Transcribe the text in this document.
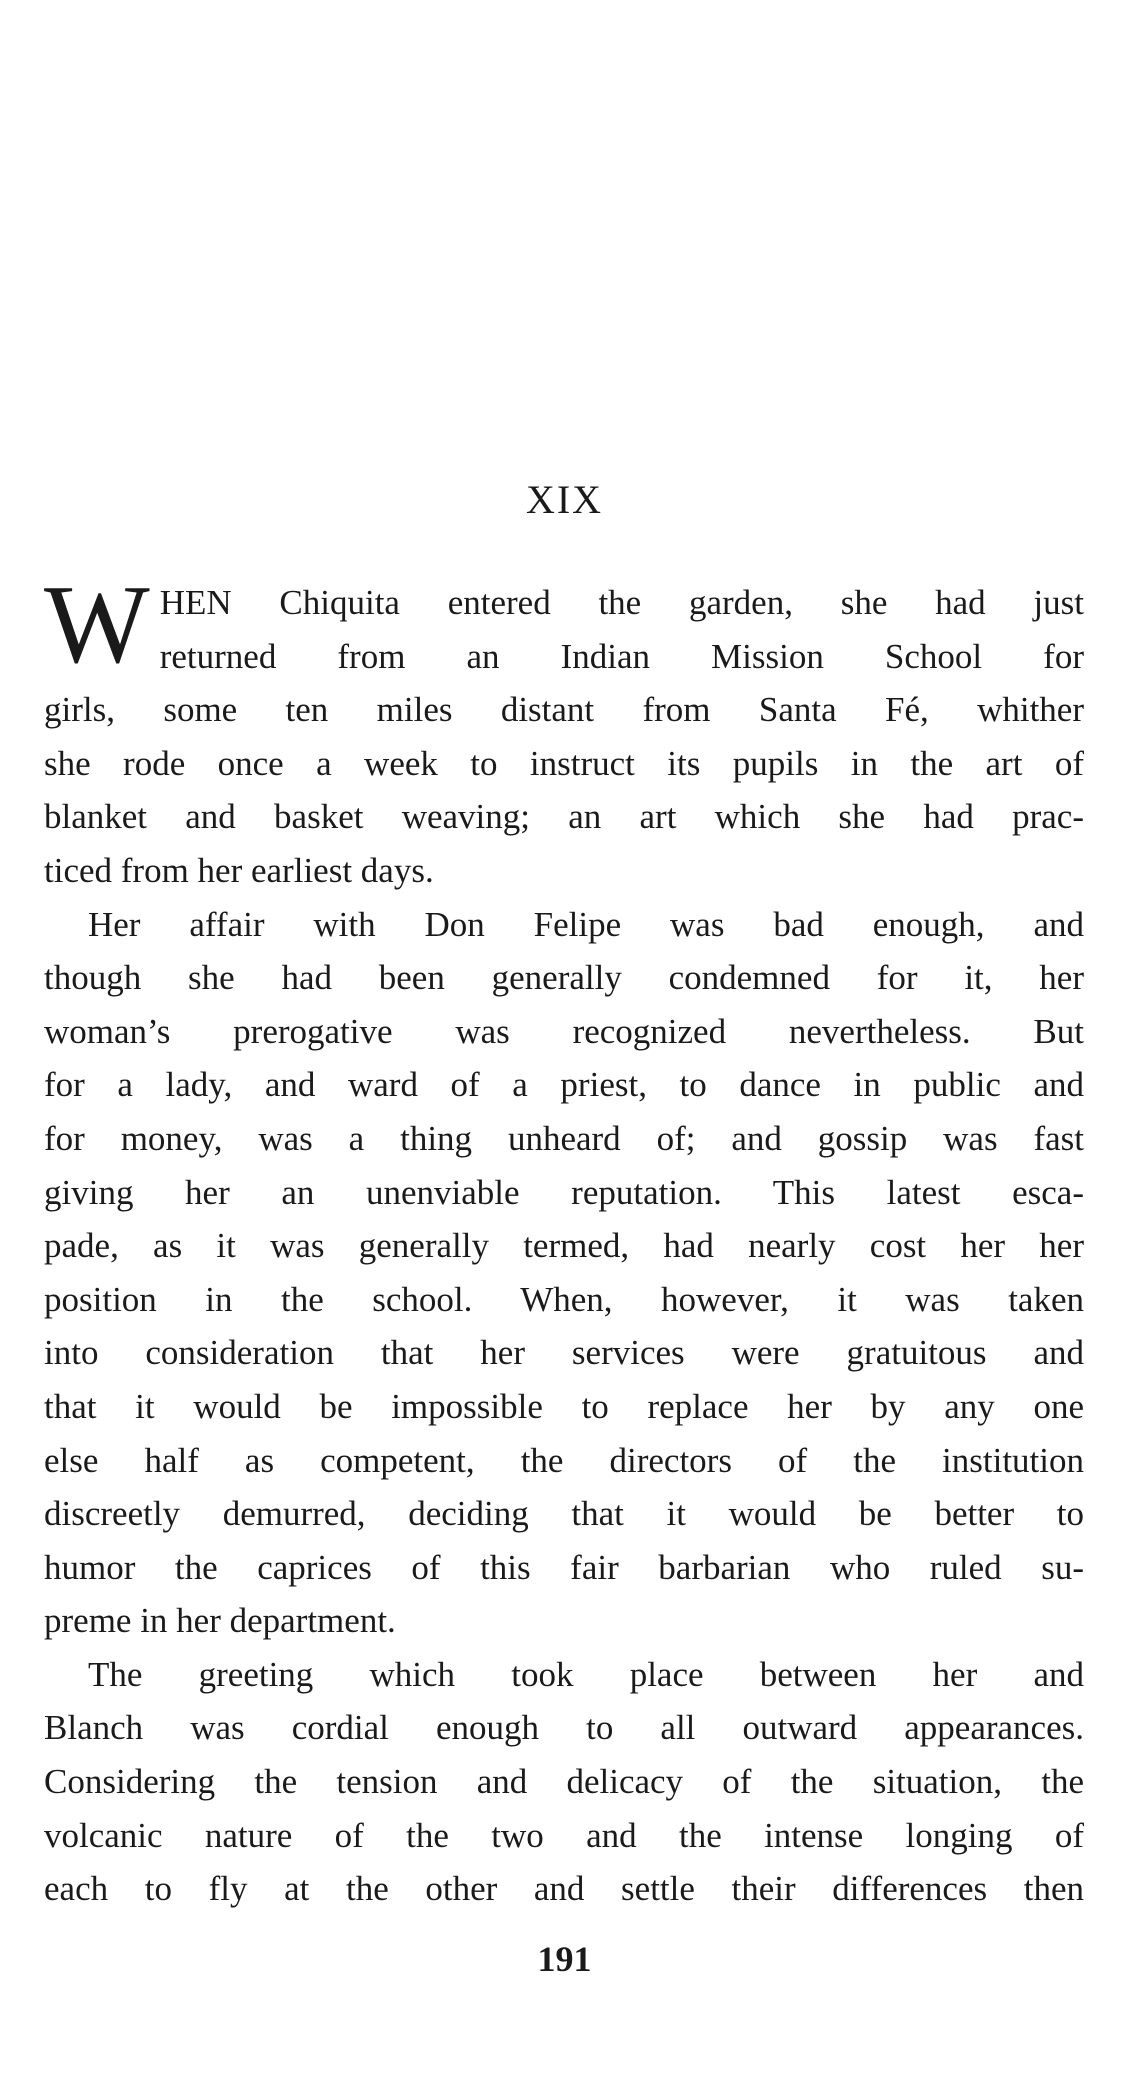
XIX
W HEN Chiquita entered the garden, she had just
returned from an Indian Mission School for
girls, some ten miles distant from Santa Fé, whither
she rode once a week to instruct its pupils in the art of
blanket and basket weaving; an art which she had prac-
ticed from her earliest days.
Her affair with Don Felipe was bad enough, and
though she had been generally condemned for it, her
woman’s prerogative was recognized nevertheless. But
for a lady, and ward of a priest, to dance in public and
for money, was a thing unheard of; and gossip was fast
giving her an unenviable reputation. This latest esca-
pade, as it was generally termed, had nearly cost her her
position in the school. When, however, it was taken
into consideration that her services were gratuitous and
that it would be impossible to replace her by any one
else half as competent, the directors of the institution
discreetly demurred, deciding that it would be better to
humor the caprices of this fair barbarian who ruled su-
preme in her department.
The greeting which took place between her and
Blanch was cordial enough to all outward appearances.
Considering the tension and delicacy of the situation, the
volcanic nature of the two and the intense longing of
each to fly at the other and settle their differences then
191
